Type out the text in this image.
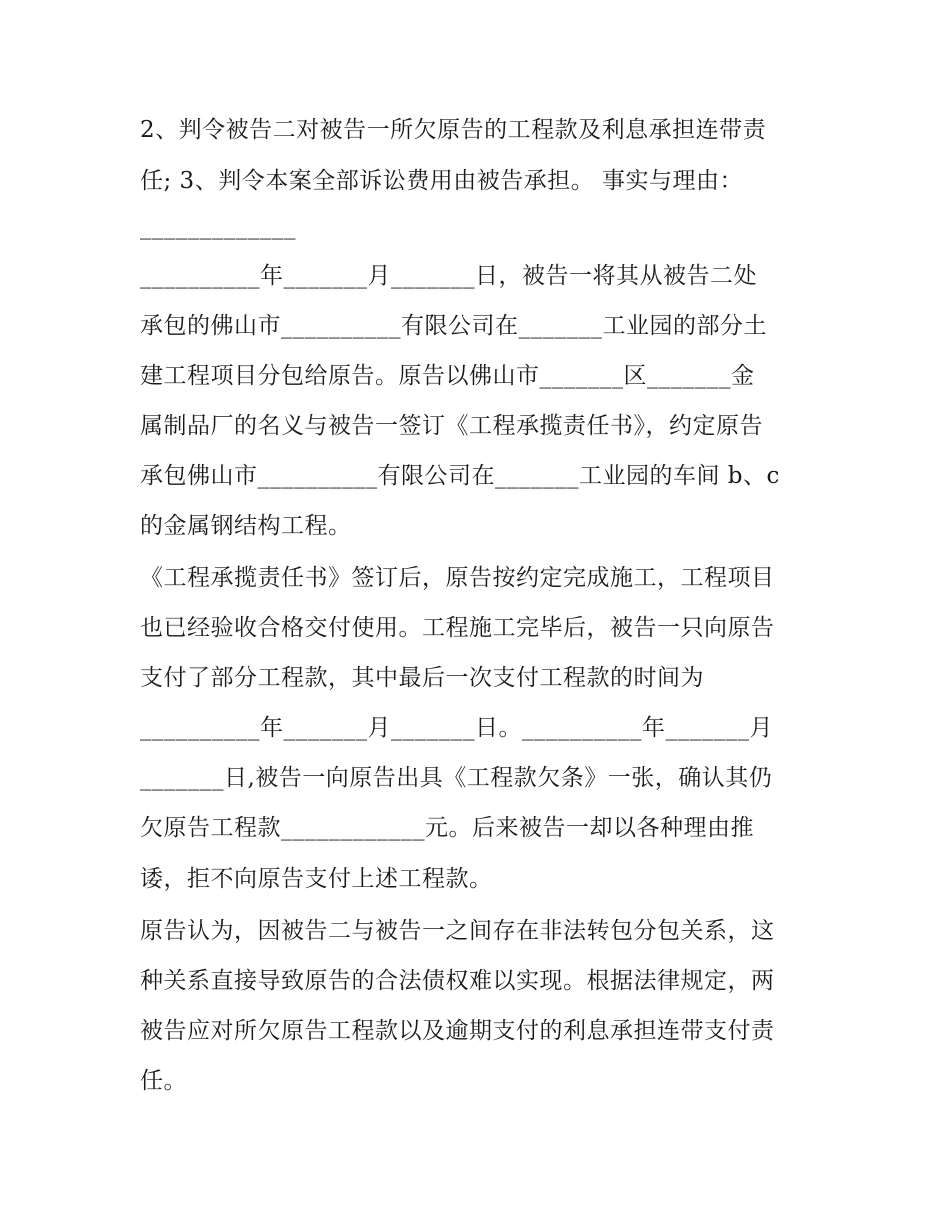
2、判令被告二对被告一所欠原告的工程款及利息承担连带责
任; 3、判令本案全部诉讼费用由被告承担。 事实与理由：
_____________
__________年_______月_______日，被告一将其从被告二处
承包的佛山市__________有限公司在_______工业园的部分土
建工程项目分包给原告。原告以佛山市_______区_______金
属制品厂的名义与被告一签订《工程承揽责任书》，约定原告
承包佛山市__________有限公司在_______工业园的车间 b、c
的金属钢结构工程。
《工程承揽责任书》签订后，原告按约定完成施工，工程项目
也已经验收合格交付使用。工程施工完毕后，被告一只向原告
支付了部分工程款，其中最后一次支付工程款的时间为
__________年_______月_______日。__________年_______月
_______日,被告一向原告出具《工程款欠条》一张，确认其仍
欠原告工程款____________元。后来被告一却以各种理由推
诿，拒不向原告支付上述工程款。
原告认为，因被告二与被告一之间存在非法转包分包关系，这
种关系直接导致原告的合法债权难以实现。根据法律规定，两
被告应对所欠原告工程款以及逾期支付的利息承担连带支付责
任。
